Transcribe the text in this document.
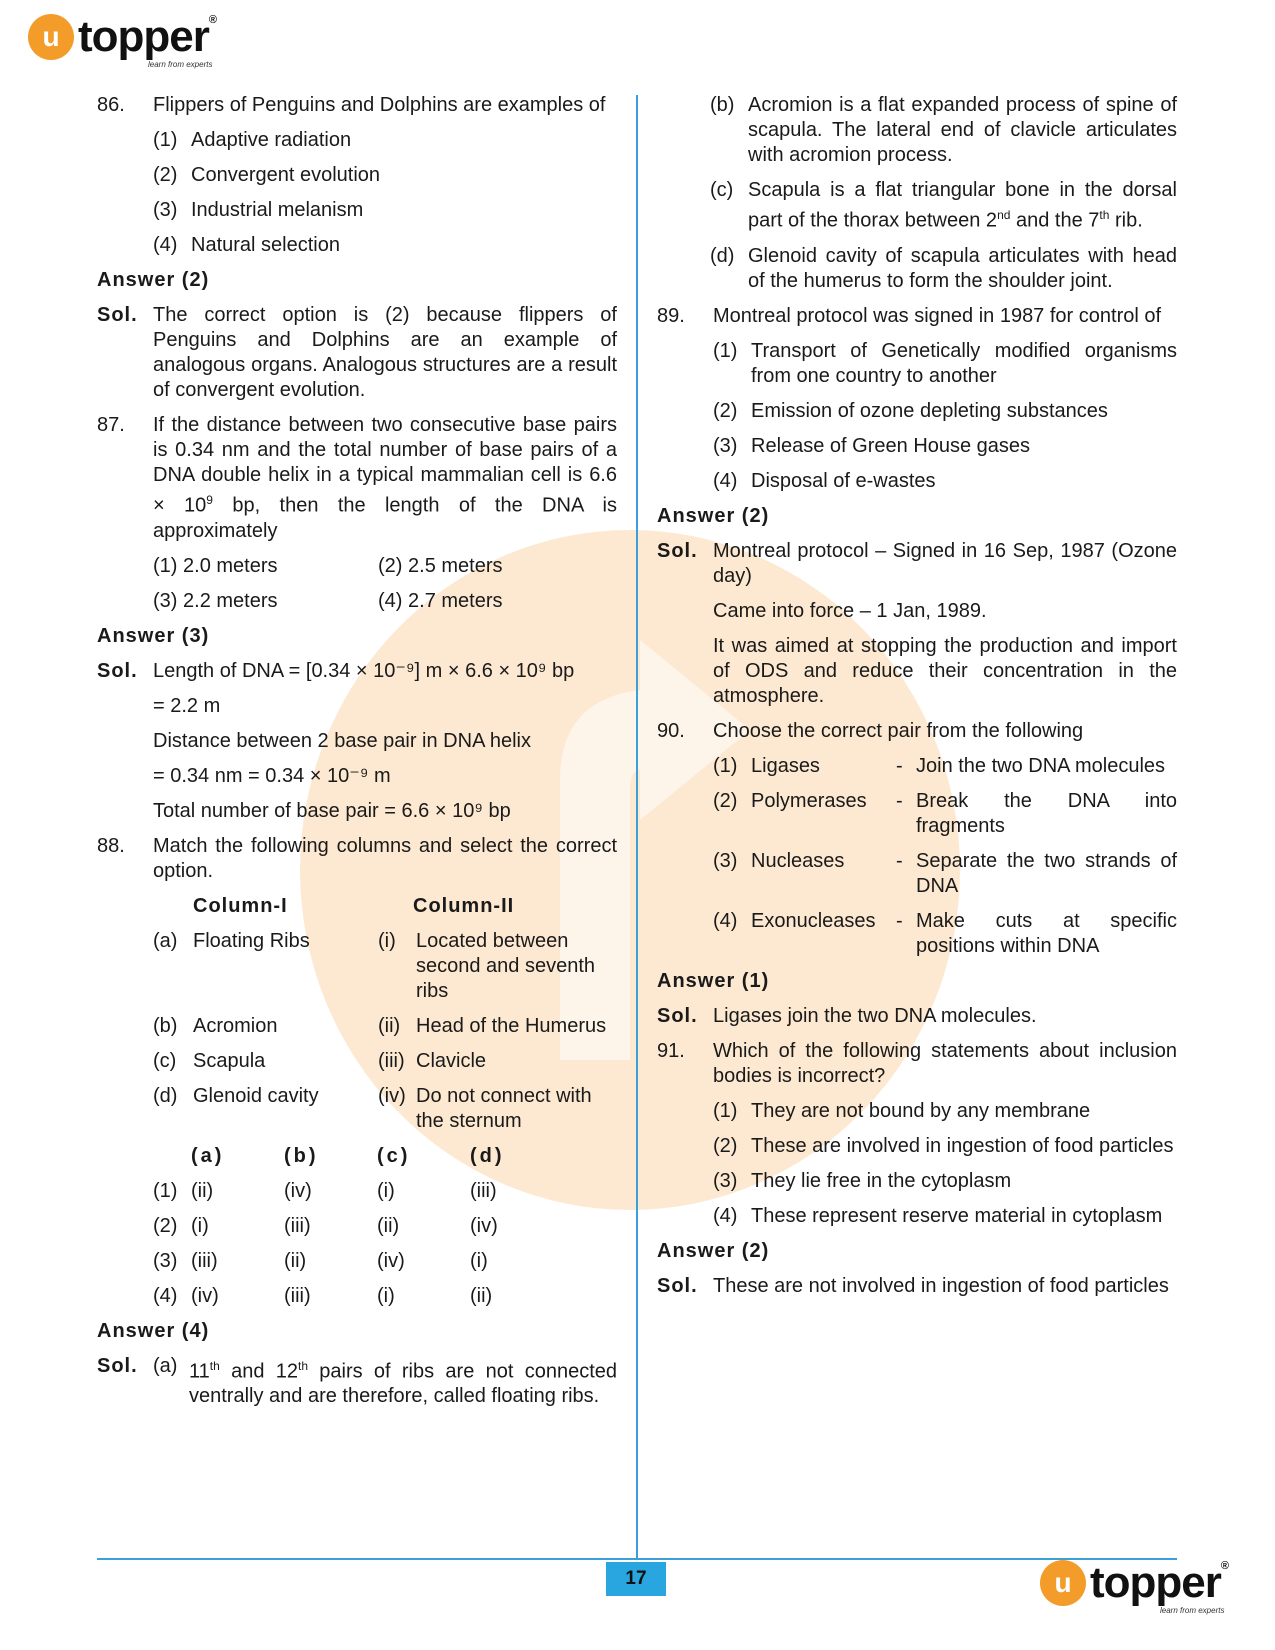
u topper®
learn from experts
86.	Flippers of Penguins and Dolphins are examples of
(1) Adaptive radiation
(2) Convergent evolution
(3) Industrial melanism
(4) Natural selection
Answer (2)
Sol. The correct option is (2) because flippers of Penguins and Dolphins are an example of analogous organs. Analogous structures are a result of convergent evolution.
87.	If the distance between two consecutive base pairs is 0.34 nm and the total number of base pairs of a DNA double helix in a typical mammalian cell is $6.6 \times 10^9$ bp, then the length of the DNA is approximately
(1) 2.0 meters	(2) 2.5 meters
(3) 2.2 meters	(4) 2.7 meters
Answer (3)
Sol. Length of DNA = [0.34 × 10⁻⁹] m × 6.6 × 10⁹ bp
= 2.2 m
Distance between 2 base pair in DNA helix
= 0.34 nm = 0.34 × 10⁻⁹ m
Total number of base pair = 6.6 × 10⁹ bp
88.	Match the following columns and select the correct option.
Column-I	Column-II
(a) Floating Ribs	(i)	Located between second and seventh ribs
(b) Acromion	(ii) Head of the Humerus
(c) Scapula	(iii) Clavicle
(d) Glenoid cavity	(iv) Do not connect with the sternum
(a)	(b)	(c)	(d)
(1) (ii)	(iv)	(i)	(iii)
(2) (i)	(iii)	(ii)	(iv)
(3) (iii)	(ii)	(iv)	(i)
(4) (iv)	(iii)	(i)	(ii)
Answer (4)
Sol. (a) 11th and 12th pairs of ribs are not connected ventrally and are therefore, called floating ribs.
(b) Acromion is a flat expanded process of spine of scapula. The lateral end of clavicle articulates with acromion process.
(c) Scapula is a flat triangular bone in the dorsal part of the thorax between 2nd and the 7th rib.
(d) Glenoid cavity of scapula articulates with head of the humerus to form the shoulder joint.
89.	Montreal protocol was signed in 1987 for control of
(1) Transport of Genetically modified organisms from one country to another
(2) Emission of ozone depleting substances
(3) Release of Green House gases
(4) Disposal of e-wastes
Answer (2)
Sol. Montreal protocol – Signed in 16 Sep, 1987 (Ozone day)
Came into force – 1 Jan, 1989.
It was aimed at stopping the production and import of ODS and reduce their concentration in the atmosphere.
90.	Choose the correct pair from the following
(1) Ligases	- Join the two DNA molecules
(2) Polymerases	- Break the DNA into fragments
(3) Nucleases	- Separate the two strands of DNA
(4) Exonucleases	- Make cuts at specific positions within DNA
Answer (1)
Sol. Ligases join the two DNA molecules.
91.	Which of the following statements about inclusion bodies is incorrect?
(1) They are not bound by any membrane
(2) These are involved in ingestion of food particles
(3) They lie free in the cytoplasm
(4) These represent reserve material in cytoplasm
Answer (2)
Sol. These are not involved in ingestion of food particles
17	u topper®
learn from experts
